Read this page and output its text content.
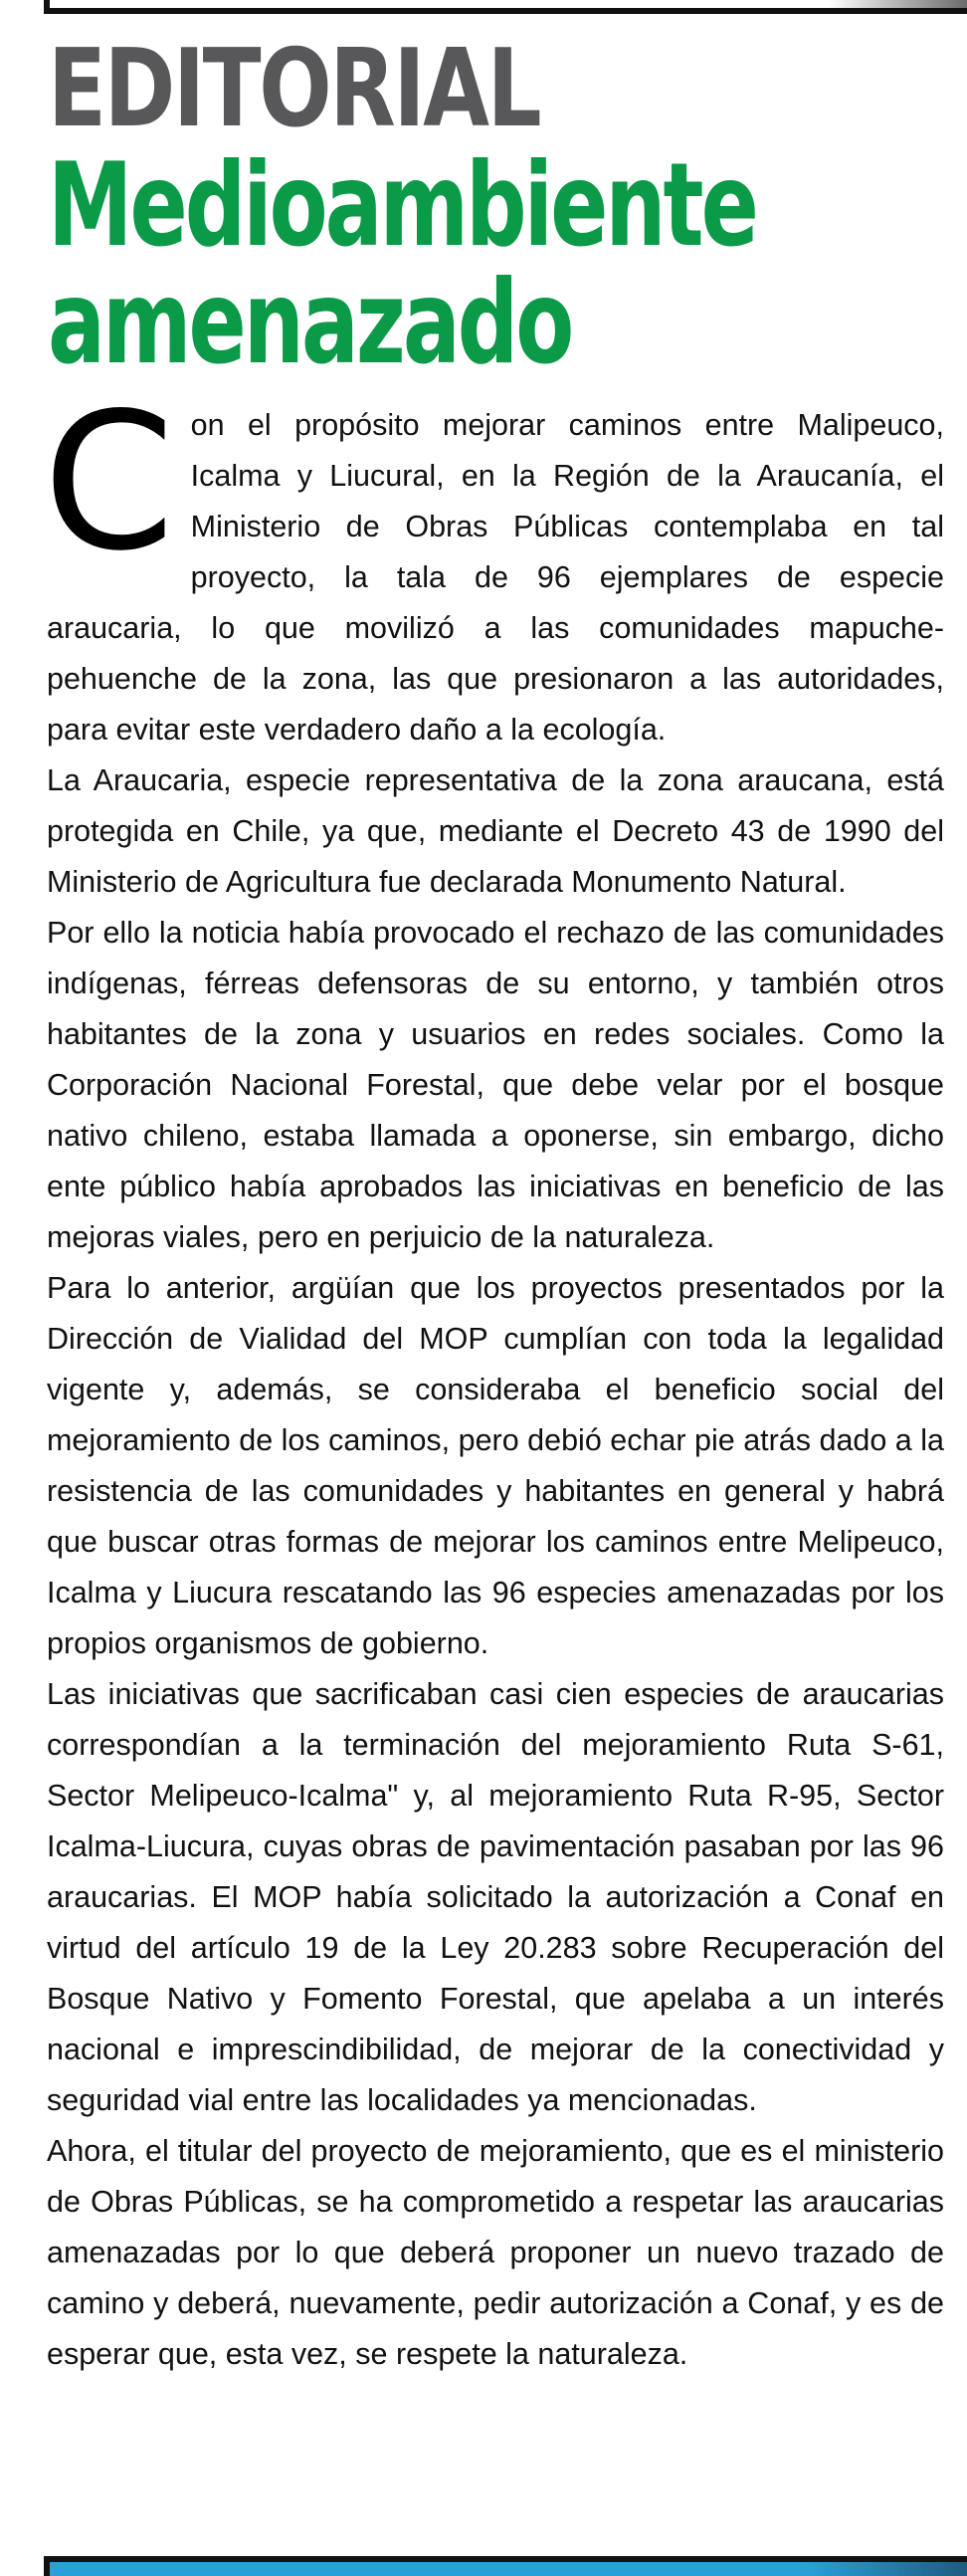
EDITORIAL
Medioambiente
amenazado

Con el propósito mejorar caminos entre Malipeuco, Icalma y Liucural, en la Región de la Araucanía, el Ministerio de Obras Públicas contemplaba en tal proyecto, la tala de 96 ejemplares de especie araucaria, lo que movilizó a las comunidades mapuche-pehuenche de la zona, las que presionaron a las autoridades, para evitar este verdadero daño a la ecología.

La Araucaria, especie representativa de la zona araucana, está protegida en Chile, ya que, mediante el Decreto 43 de 1990 del Ministerio de Agricultura fue declarada Monumento Natural.

Por ello la noticia había provocado el rechazo de las comunidades indígenas, férreas defensoras de su entorno, y también otros habitantes de la zona y usuarios en redes sociales. Como la Corporación Nacional Forestal, que debe velar por el bosque nativo chileno, estaba llamada a oponerse, sin embargo, dicho ente público había aprobados las iniciativas en beneficio de las mejoras viales, pero en perjuicio de la naturaleza.

Para lo anterior, argüían que los proyectos presentados por la Dirección de Vialidad del MOP cumplían con toda la legalidad vigente y, además, se consideraba el beneficio social del mejoramiento de los caminos, pero debió echar pie atrás dado a la resistencia de las comunidades y habitantes en general y habrá que buscar otras formas de mejorar los caminos entre Melipeuco, Icalma y Liucura rescatando las 96 especies amenazadas por los propios organismos de gobierno.

Las iniciativas que sacrificaban casi cien especies de araucarias correspondían a la terminación del mejoramiento Ruta S-61, Sector Melipeuco-Icalma" y, al mejoramiento Ruta R-95, Sector Icalma-Liucura, cuyas obras de pavimentación pasaban por las 96 araucarias. El MOP había solicitado la autorización a Conaf en virtud del artículo 19 de la Ley 20.283 sobre Recuperación del Bosque Nativo y Fomento Forestal, que apelaba a un interés nacional e imprescindibilidad, de mejorar de la conectividad y seguridad vial entre las localidades ya mencionadas.

Ahora, el titular del proyecto de mejoramiento, que es el ministerio de Obras Públicas, se ha comprometido a respetar las araucarias amenazadas por lo que deberá proponer un nuevo trazado de camino y deberá, nuevamente, pedir autorización a Conaf, y es de esperar que, esta vez, se respete la naturaleza.
